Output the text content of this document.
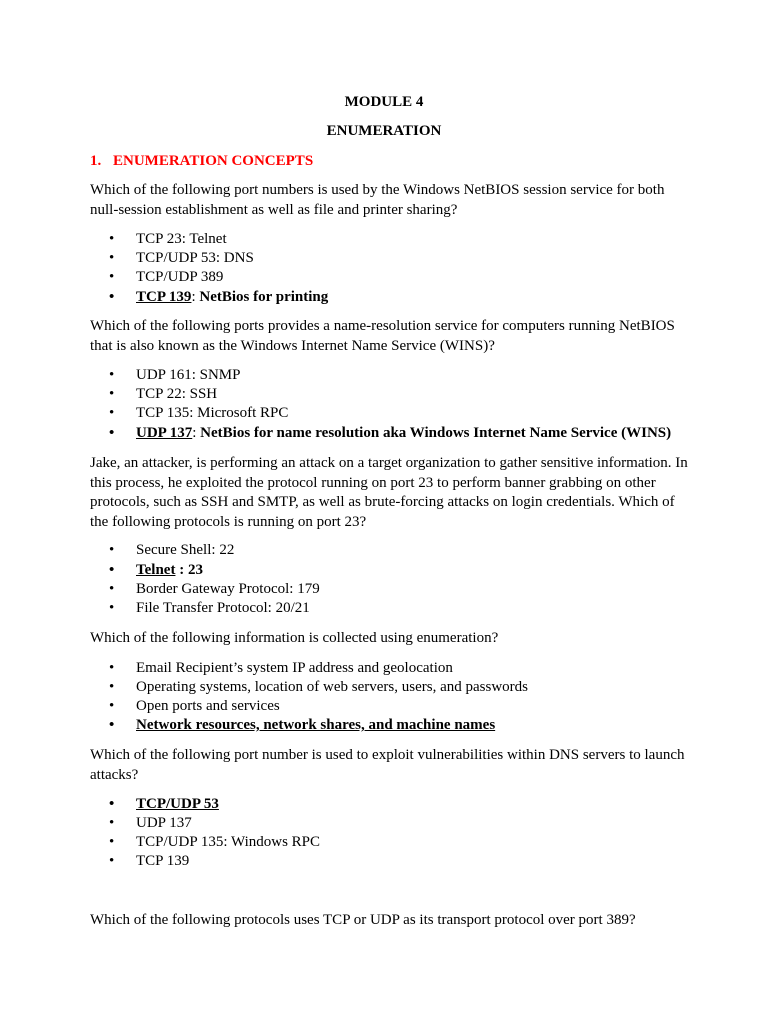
MODULE 4
ENUMERATION
1. ENUMERATION CONCEPTS
Which of the following port numbers is used by the Windows NetBIOS session service for both null-session establishment as well as file and printer sharing?
• TCP 23: Telnet
• TCP/UDP 53: DNS
• TCP/UDP 389
• TCP 139: NetBios for printing
Which of the following ports provides a name-resolution service for computers running NetBIOS that is also known as the Windows Internet Name Service (WINS)?
• UDP 161: SNMP
• TCP 22: SSH
• TCP 135: Microsoft RPC
• UDP 137: NetBios for name resolution aka Windows Internet Name Service (WINS)
Jake, an attacker, is performing an attack on a target organization to gather sensitive information. In this process, he exploited the protocol running on port 23 to perform banner grabbing on other protocols, such as SSH and SMTP, as well as brute-forcing attacks on login credentials. Which of the following protocols is running on port 23?
• Secure Shell: 22
• Telnet : 23
• Border Gateway Protocol: 179
• File Transfer Protocol: 20/21
Which of the following information is collected using enumeration?
• Email Recipient’s system IP address and geolocation
• Operating systems, location of web servers, users, and passwords
• Open ports and services
• Network resources, network shares, and machine names
Which of the following port number is used to exploit vulnerabilities within DNS servers to launch attacks?
• TCP/UDP 53
• UDP 137
• TCP/UDP 135: Windows RPC
• TCP 139
Which of the following protocols uses TCP or UDP as its transport protocol over port 389?
